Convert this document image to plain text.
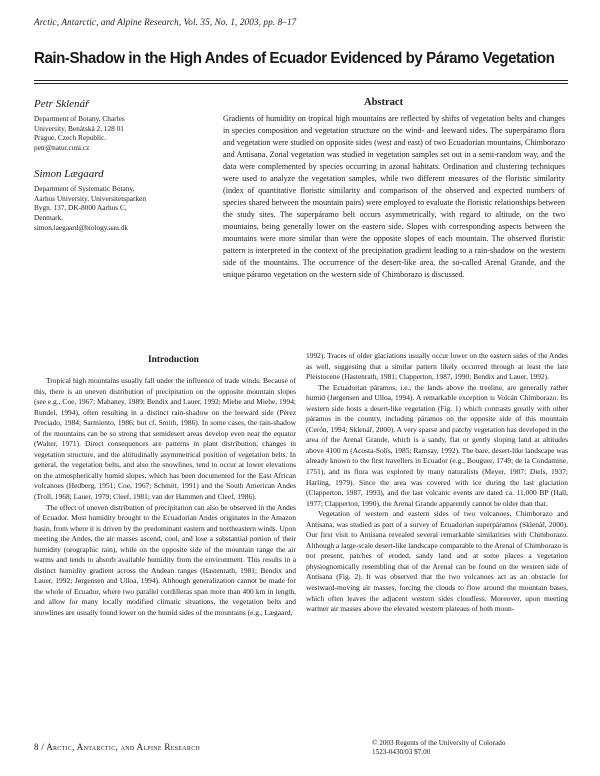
Arctic, Antarctic, and Alpine Research, Vol. 35, No. 1, 2003, pp. 8–17
Rain-Shadow in the High Andes of Ecuador Evidenced by Páramo Vegetation
Petr Sklenář
Department of Botany, Charles
University, Benátská 2, 128 01
Prague, Czech Republic.
petr@natur.cuni.cz
Simon Lægaard
Department of Systematic Botany,
Aarhus University, Universitetsparken
Bygn. 137, DK-8000 Aarhus C,
Denmark.
simon.laegaard@biology.aau.dk
Abstract
Gradients of humidity on tropical high mountains are reflected by shifts of vegetation belts and changes in species composition and vegetation structure on the wind- and leeward sides. The superpáramo flora and vegetation were studied on opposite sides (west and east) of two Ecuadorian mountains, Chimborazo and Antisana. Zonal vegetation was studied in vegetation samples set out in a semi-random way, and the data were complemented by species occurring in azonal habitats. Ordination and clustering techniques were used to analyze the vegetation samples, while two different measures of the floristic similarity (index of quantitative floristic similarity and comparison of the observed and expected numbers of species shared between the mountain pairs) were employed to evaluate the floristic relationships between the study sites. The superpáramo belt occurs asymmetrically, with regard to altitude, on the two mountains, being generally lower on the eastern side. Slopes with corresponding aspects between the mountains were more similar than were the opposite slopes of each mountain. The observed floristic pattern is interpreted in the context of the precipitation gradient leading to a rain-shadow on the western side of the mountains. The occurrence of the desert-like area, the so-called Arenal Grande, and the unique páramo vegetation on the western side of Chimborazo is discussed.
Introduction

Tropical high mountains usually fall under the influence of trade winds. Because of this, there is an uneven distribution of precipitation on the opposite mountain slopes (see e.g., Coe, 1967; Mahaney, 1989; Bendix and Lauer, 1992; Miehe and Miehe, 1994; Rundel, 1994), often resulting in a distinct rain-shadow on the leeward side (Pérez Preciado, 1984; Sarmiento, 1986; but cf. Smith, 1986). In some cases, the rain-shadow of the mountains can be so strong that semidesert areas develop even near the equator (Walter, 1971). Direct consequences are patterns in plant distribution, changes in vegetation structure, and the altitudinally asymmetrical position of vegetation belts. In general, the vegetation belts, and also the snowlines, tend to occur at lower elevations on the atmospherically humid slopes, which has been documented for the East African volcanoes (Hedberg, 1951; Coe, 1967; Schmitt, 1991) and the South American Andes (Troll, 1968; Lauer, 1979; Cleef, 1981; van der Hammen and Cleef, 1986).

The effect of uneven distribution of precipitation can also be observed in the Andes of Ecuador. Most humidity brought to the Ecuadorian Andes originates in the Amazon basin, from where it is driven by the predominant eastern and northeastern winds. Upon meeting the Andes, the air masses ascend, cool, and lose a substantial portion of their humidity (orographic rain), while on the opposite side of the mountain range the air warms and tends to absorb available humidity from the environment. This results in a distinct humidity gradient across the Andean ranges (Hastenrath, 1981; Bendix and Lauer, 1992; Jørgensen and Ulloa, 1994). Although generalization cannot be made for the whole of Ecuador, where two parallel cordilleras span more than 400 km in length, and allow for many locally modified climatic situations, the vegetation belts and snowlines are usually found lower on the humid sides of the mountains (e.g., Lægaard,

1992). Traces of older glaciations usually occur lower on the eastern sides of the Andes as well, suggesting that a similar pattern likely occurred through at least the late Pleistocene (Hastenrath, 1981; Clapperton, 1987, 1990; Bendix and Lauer, 1992).

The Ecuadorian páramos, i.e., the lands above the treeline, are generally rather humid (Jørgensen and Ulloa, 1994). A remarkable exception is Volcán Chimborazo. Its western side hosts a desert-like vegetation (Fig. 1) which contrasts greatly with other páramos in the country, including páramos on the opposite side of this mountain (Cerón, 1994; Sklenář, 2000). A very sparse and patchy vegetation has developed in the area of the Arenal Grande, which is a sandy, flat or gently sloping land at altitudes above 4100 m (Acosta-Solís, 1985; Ramsay, 1992). The bare, desert-like landscape was already known to the first travellers in Ecuador (e.g., Bouguer, 1749; de la Condamine, 1751), and its flora was explored by many naturalists (Meyer, 1907; Diels, 1937; Harling, 1979). Since the area was covered with ice during the last glaciation (Clapperton, 1987, 1993), and the last volcanic events are dated ca. 11,000 BP (Hall, 1977; Clapperton, 1990), the Arenal Grande apparently cannot be older than that.

Vegetation of western and eastern sides of two volcanoes, Chimborazo and Antisana, was studied as part of a survey of Ecuadorian superpáramos (Sklenář, 2000). Our first visit to Antisana revealed several remarkable similarities with Chimborazo. Although a large-scale desert-like landscape comparable to the Arenal of Chimborazo is not present, patches of eroded, sandy land and at some places a vegetation physiognomically resembling that of the Arenal can be found on the western side of Antisana (Fig. 2). It was observed that the two volcanoes act as an obstacle for westward-moving air masses, forcing the clouds to flow around the mountain bases, which often leaves the adjacent western sides cloudless. Moreover, upon meeting warmer air masses above the elevated western plateaus of both moun-

8 / Arctic, Antarctic, and Alpine Research	© 2003 Regents of the University of Colorado
1523-0430/03 $7.00
